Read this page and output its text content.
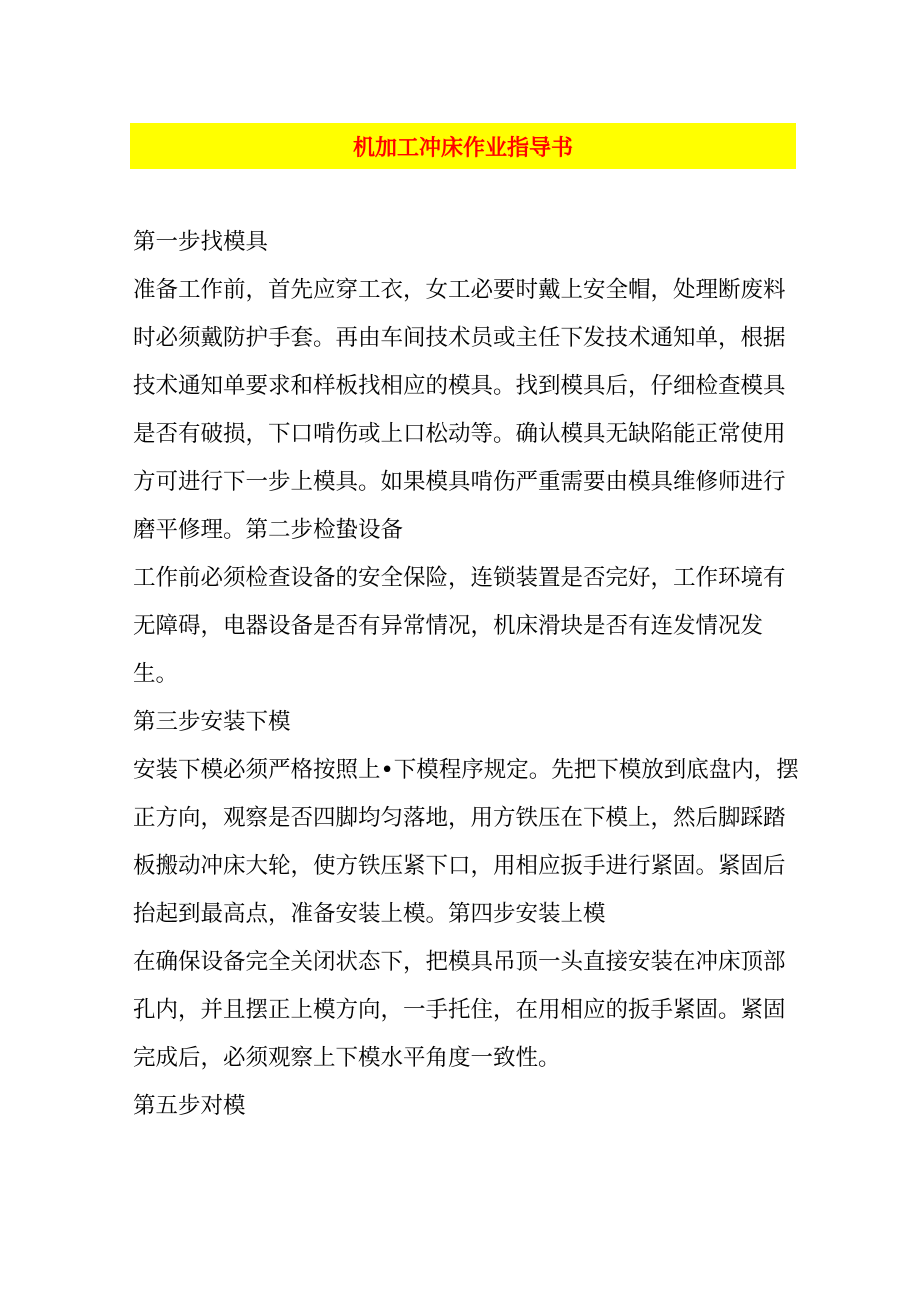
机加工冲床作业指导书

第一步找模具

准备工作前，首先应穿工衣，女工必要时戴上安全帽，处理断废料时必须戴防护手套。再由车间技术员或主任下发技术通知单，根据技术通知单要求和样板找相应的模具。找到模具后，仔细检查模具是否有破损，下口啃伤或上口松动等。确认模具无缺陷能正常使用方可进行下一步上模具。如果模具啃伤严重需要由模具维修师进行磨平修理。第二步检蛰设备

工作前必须检查设备的安全保险，连锁装置是否完好，工作环境有无障碍，电器设备是否有异常情况，机床滑块是否有连发情况发生。

第三步安装下模

安装下模必须严格按照上•下模程序规定。先把下模放到底盘内，摆正方向，观察是否四脚均匀落地，用方铁压在下模上，然后脚踩踏板搬动冲床大轮，使方铁压紧下口，用相应扳手进行紧固。紧固后抬起到最高点，准备安装上模。第四步安装上模

在确保设备完全关闭状态下，把模具吊顶一头直接安装在冲床顶部孔内，并且摆正上模方向，一手托住，在用相应的扳手紧固。紧固完成后，必须观察上下模水平角度一致性。

第五步对模
